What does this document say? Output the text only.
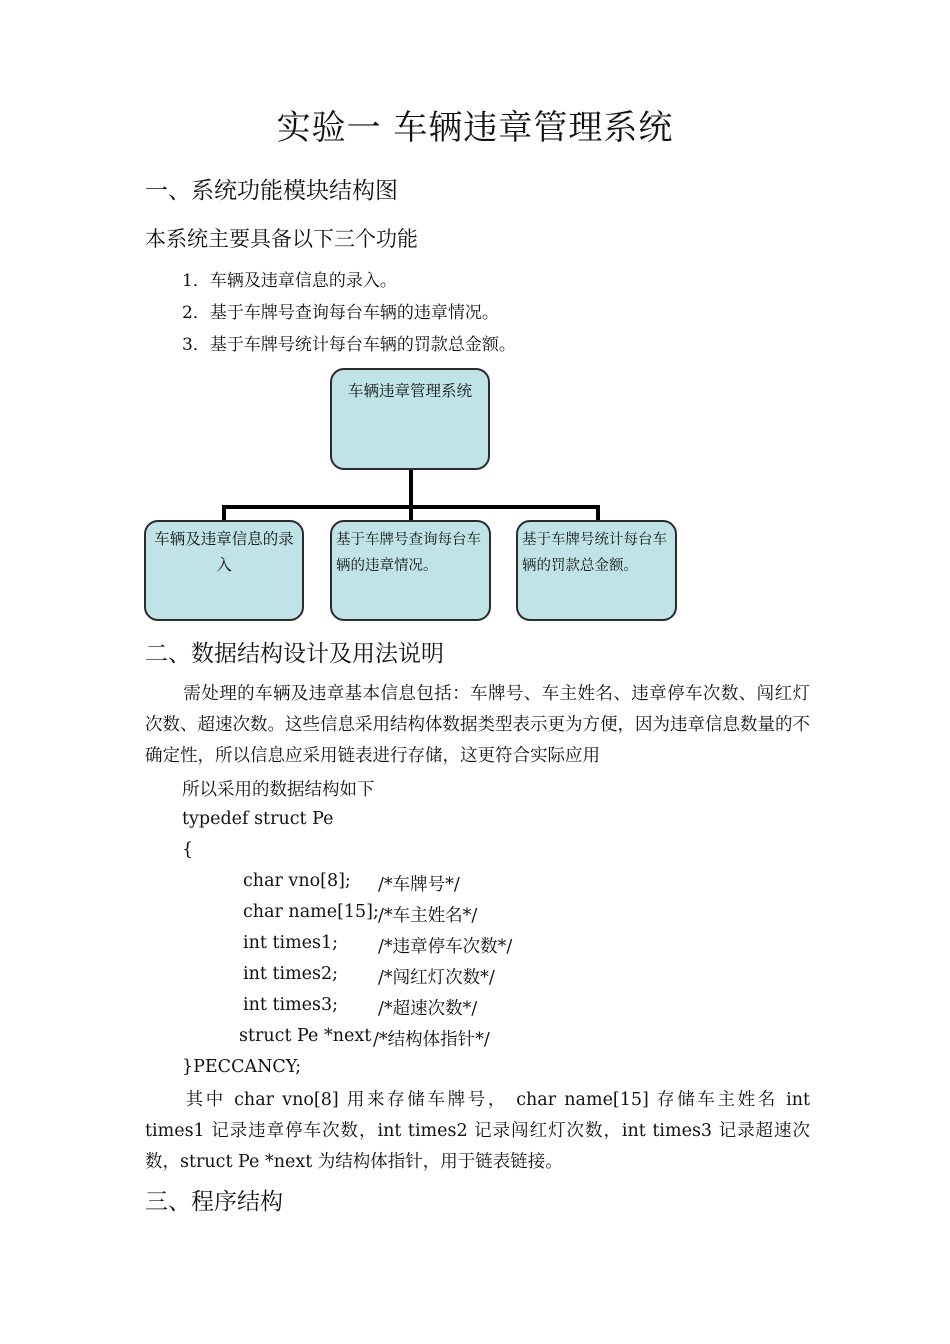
实验一 车辆违章管理系统
一、系统功能模块结构图
本系统主要具备以下三个功能
1．车辆及违章信息的录入。
2．基于车牌号查询每台车辆的违章情况。
3．基于车牌号统计每台车辆的罚款总金额。
车辆违章管理系统
车辆及违章信息的录入
基于车牌号查询每台车辆的违章情况。
基于车牌号统计每台车辆的罚款总金额。
二、数据结构设计及用法说明
需处理的车辆及违章基本信息包括：车牌号、车主姓名、违章停车次数、闯红灯次数、超速次数。这些信息采用结构体数据类型表示更为方便，因为违章信息数量的不确定性，所以信息应采用链表进行存储，这更符合实际应用
所以采用的数据结构如下
typedef struct Pe
{
char vno[8]; /*车牌号*/
char name[15]; /*车主姓名*/
int times1; /*违章停车次数*/
int times2; /*闯红灯次数*/
int times3; /*超速次数*/
struct Pe *next /*结构体指针*/
}PECCANCY;
其中 char vno[8] 用来存储车牌号， char name[15] 存储车主姓名 int times1 记录违章停车次数，int times2 记录闯红灯次数，int times3 记录超速次数，struct Pe *next 为结构体指针，用于链表链接。
三、程序结构
